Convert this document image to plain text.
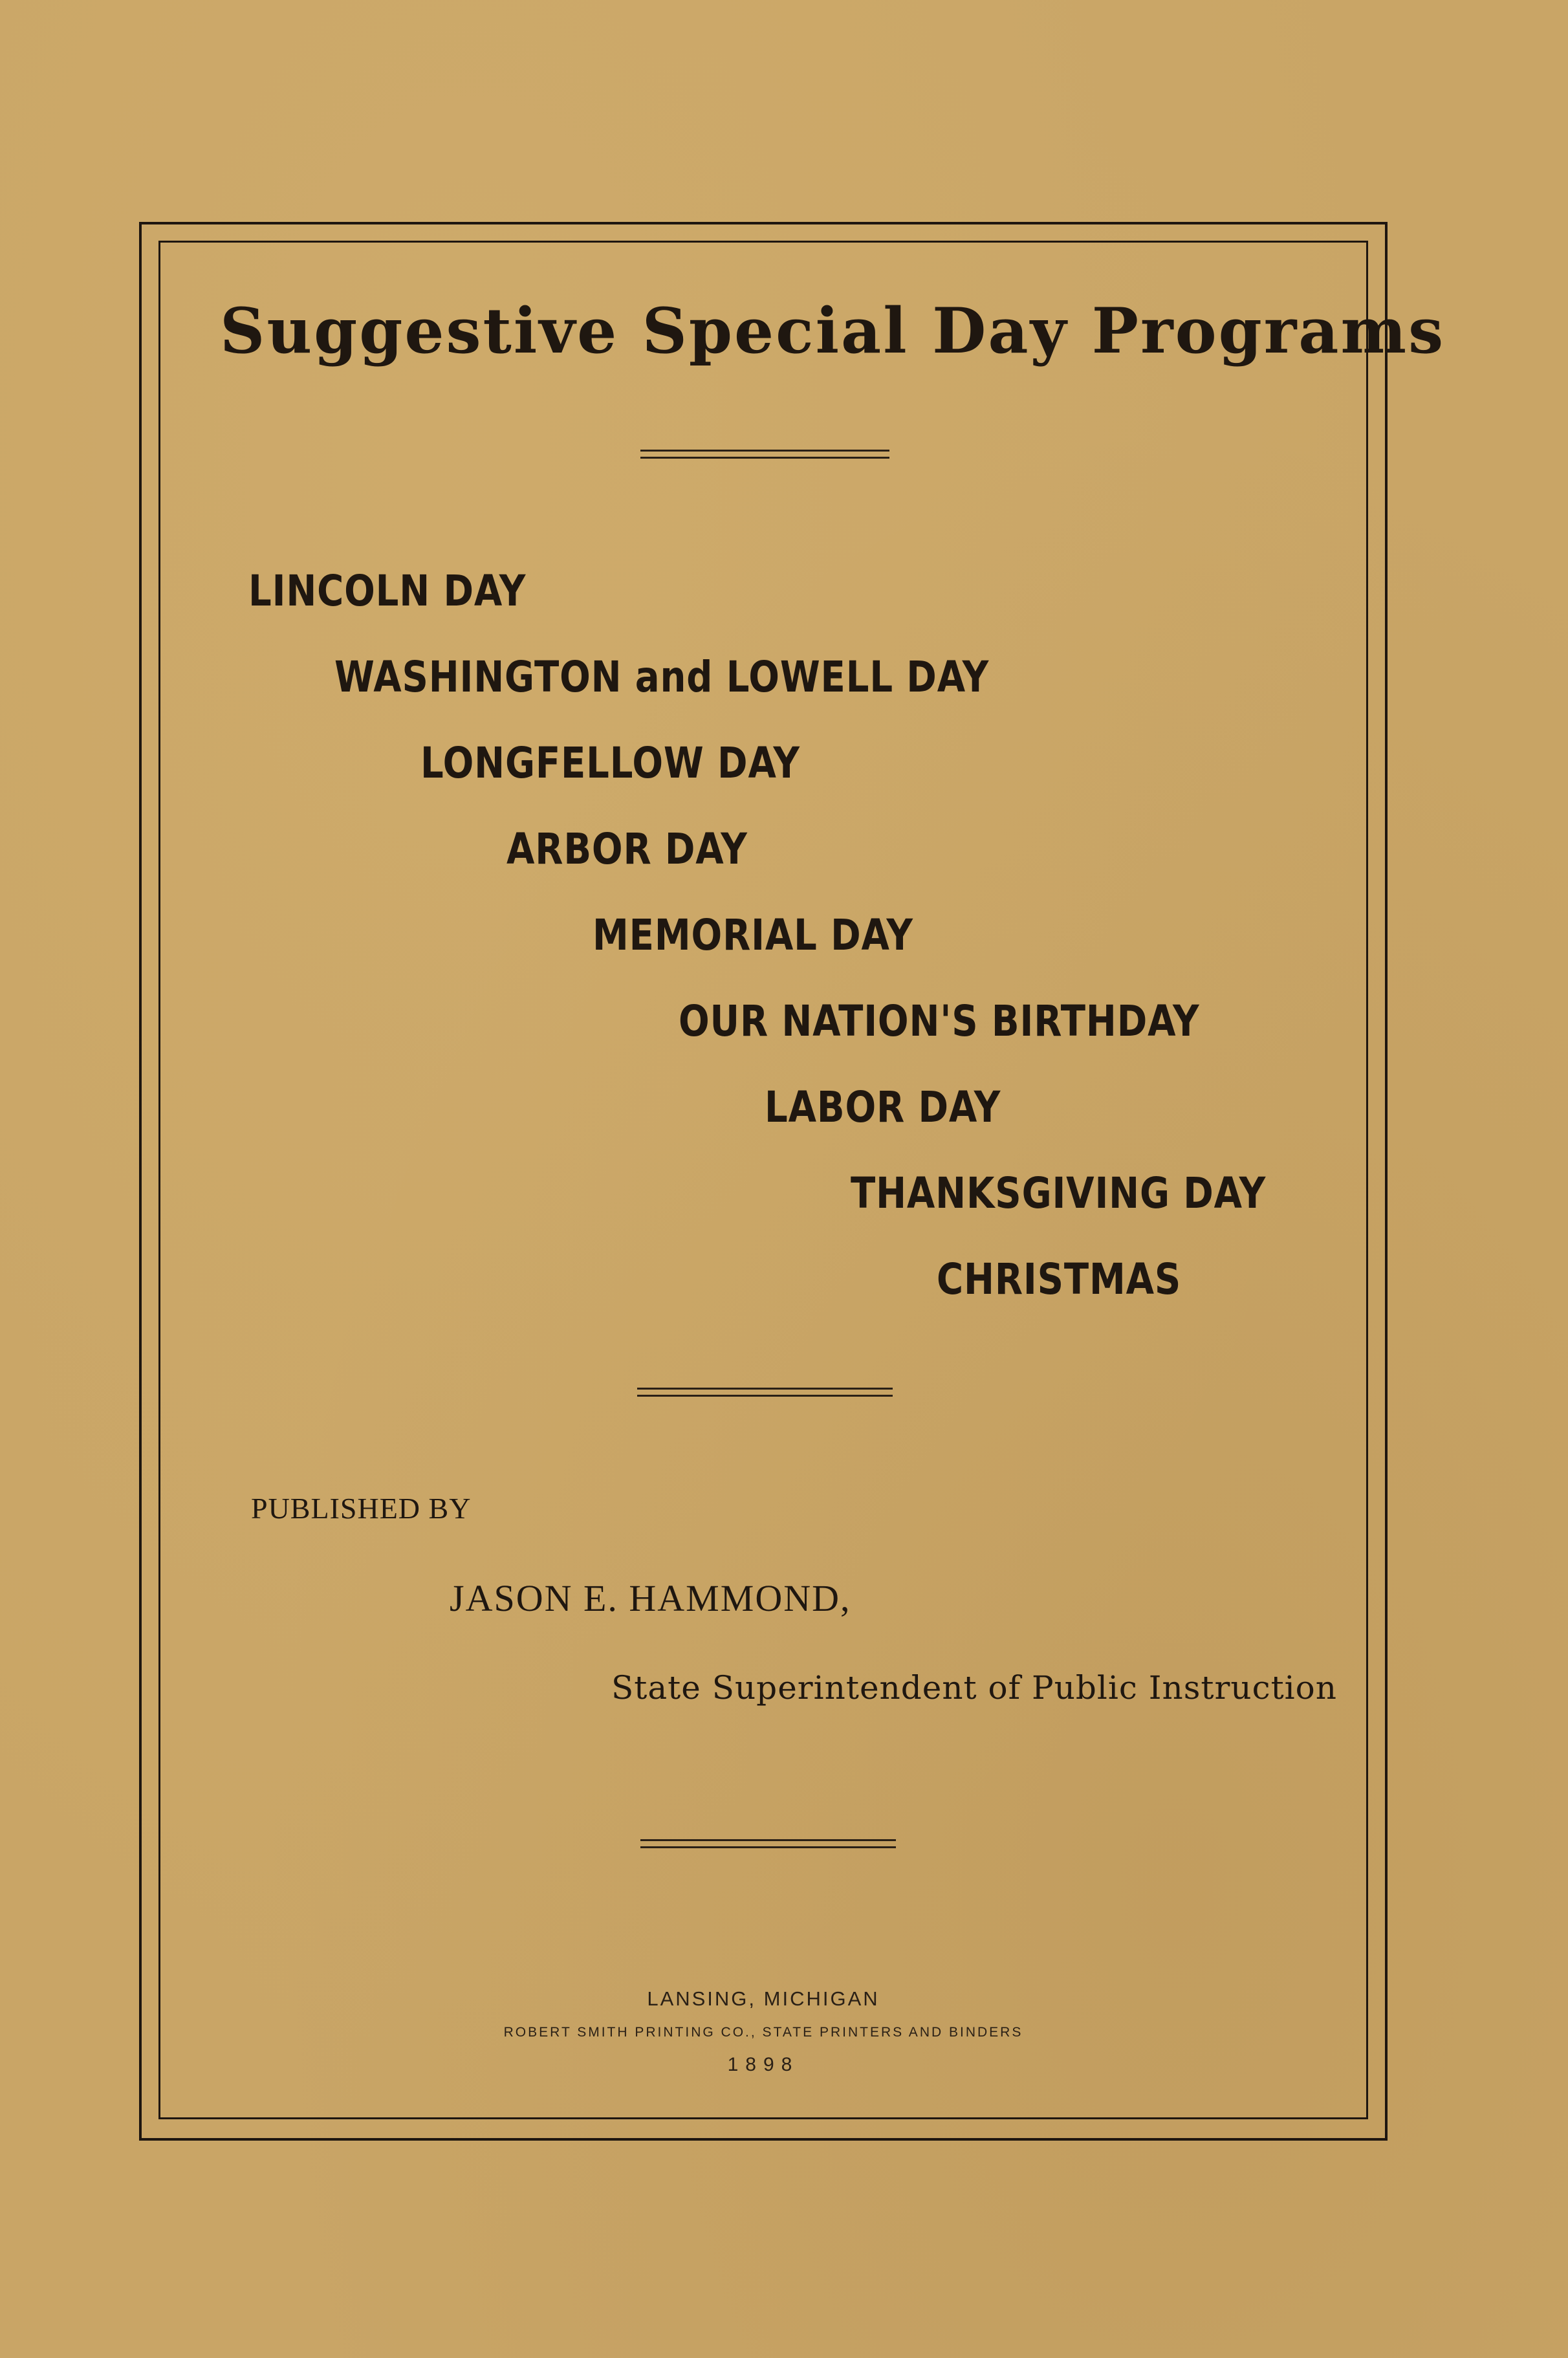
Suggestive Special Day Programs
LINCOLN DAY
WASHINGTON and LOWELL DAY
LONGFELLOW DAY
ARBOR DAY
MEMORIAL DAY
OUR NATION'S BIRTHDAY
LABOR DAY
THANKSGIVING DAY
CHRISTMAS
PUBLISHED BY
JASON E. HAMMOND,
State Superintendent of Public Instruction
LANSING, MICHIGAN
ROBERT SMITH PRINTING CO., STATE PRINTERS AND BINDERS
1898
